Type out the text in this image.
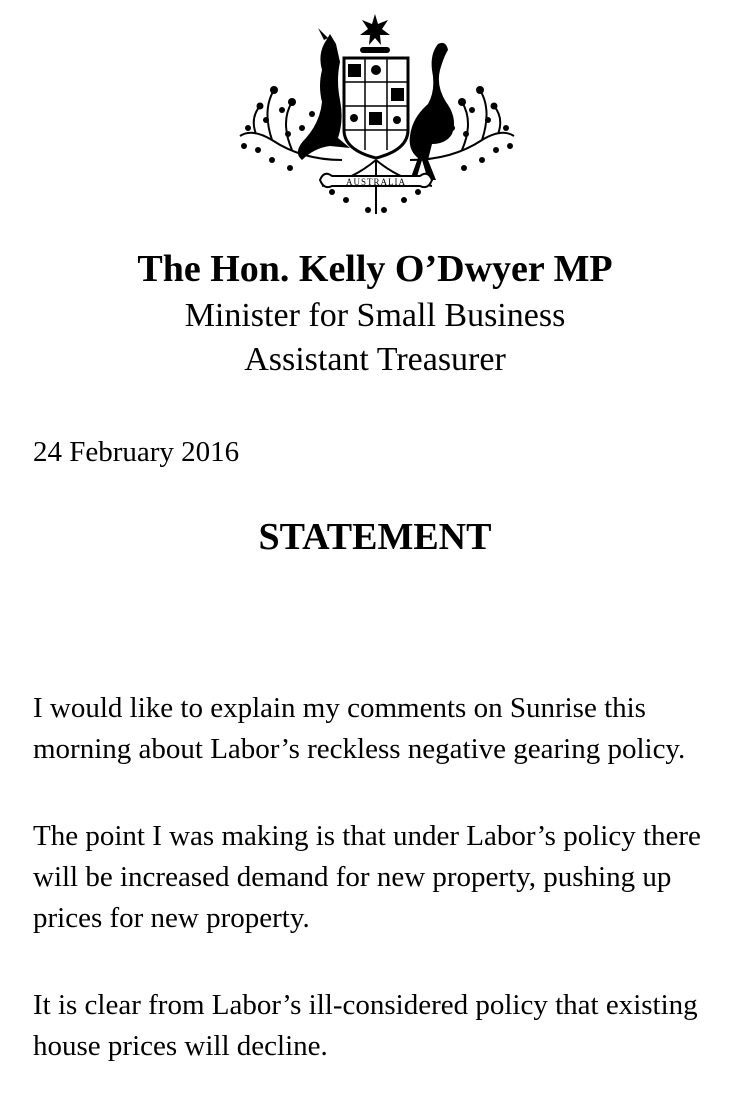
AUSTRALIA

The Hon. Kelly O’Dwyer MP

Minister for Small Business

Assistant Treasurer

24 February 2016
STATEMENT

I would like to explain my comments on Sunrise this morning about Labor’s reckless negative gearing policy.

The point I was making is that under Labor’s policy there will be increased demand for new property, pushing up prices for new property.

It is clear from Labor’s ill-considered policy that existing house prices will decline.
